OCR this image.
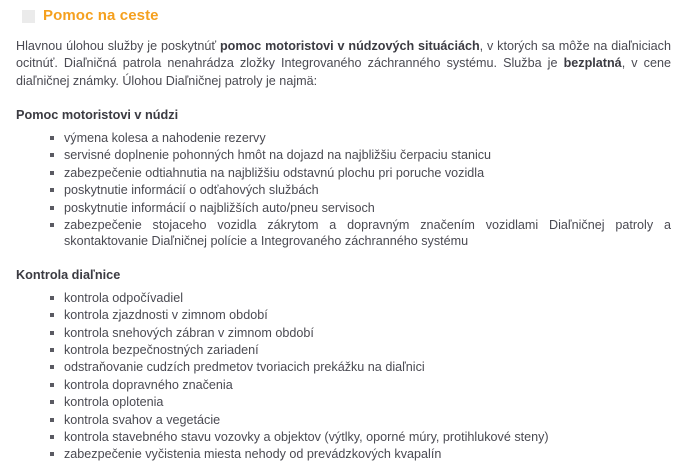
Pomoc na ceste

Hlavnou úlohou služby je poskytnúť pomoc motoristovi v núdzových situáciách, v ktorých sa môže na diaľniciach ocitnúť. Diaľničná patrola nenahrádza zložky Integrovaného záchranného systému. Služba je bezplatná, v cene diaľničnej známky. Úlohou Diaľničnej patroly je najmä:

Pomoc motoristovi v núdzi
výmena kolesa a nahodenie rezervy
servisné doplnenie pohonných hmôt na dojazd na najbližšiu čerpaciu stanicu
zabezpečenie odtiahnutia na najbližšiu odstavnú plochu pri poruche vozidla
poskytnutie informácií o odťahových službách
poskytnutie informácií o najbližších auto/pneu servisoch
zabezpečenie stojaceho vozidla zákrytom a dopravným značením vozidlami Diaľničnej patroly a skontaktovanie Diaľničnej polície a Integrovaného záchranného systému
Kontrola diaľnice
kontrola odpočívadiel
kontrola zjazdnosti v zimnom období
kontrola snehových zábran v zimnom období
kontrola bezpečnostných zariadení
odstraňovanie cudzích predmetov tvoriacich prekážku na diaľnici
kontrola dopravného značenia
kontrola oplotenia
kontrola svahov a vegetácie
kontrola stavebného stavu vozovky a objektov (výtlky, oporné múry, protihlukové steny)
zabezpečenie vyčistenia miesta nehody od prevádzkových kvapalín
